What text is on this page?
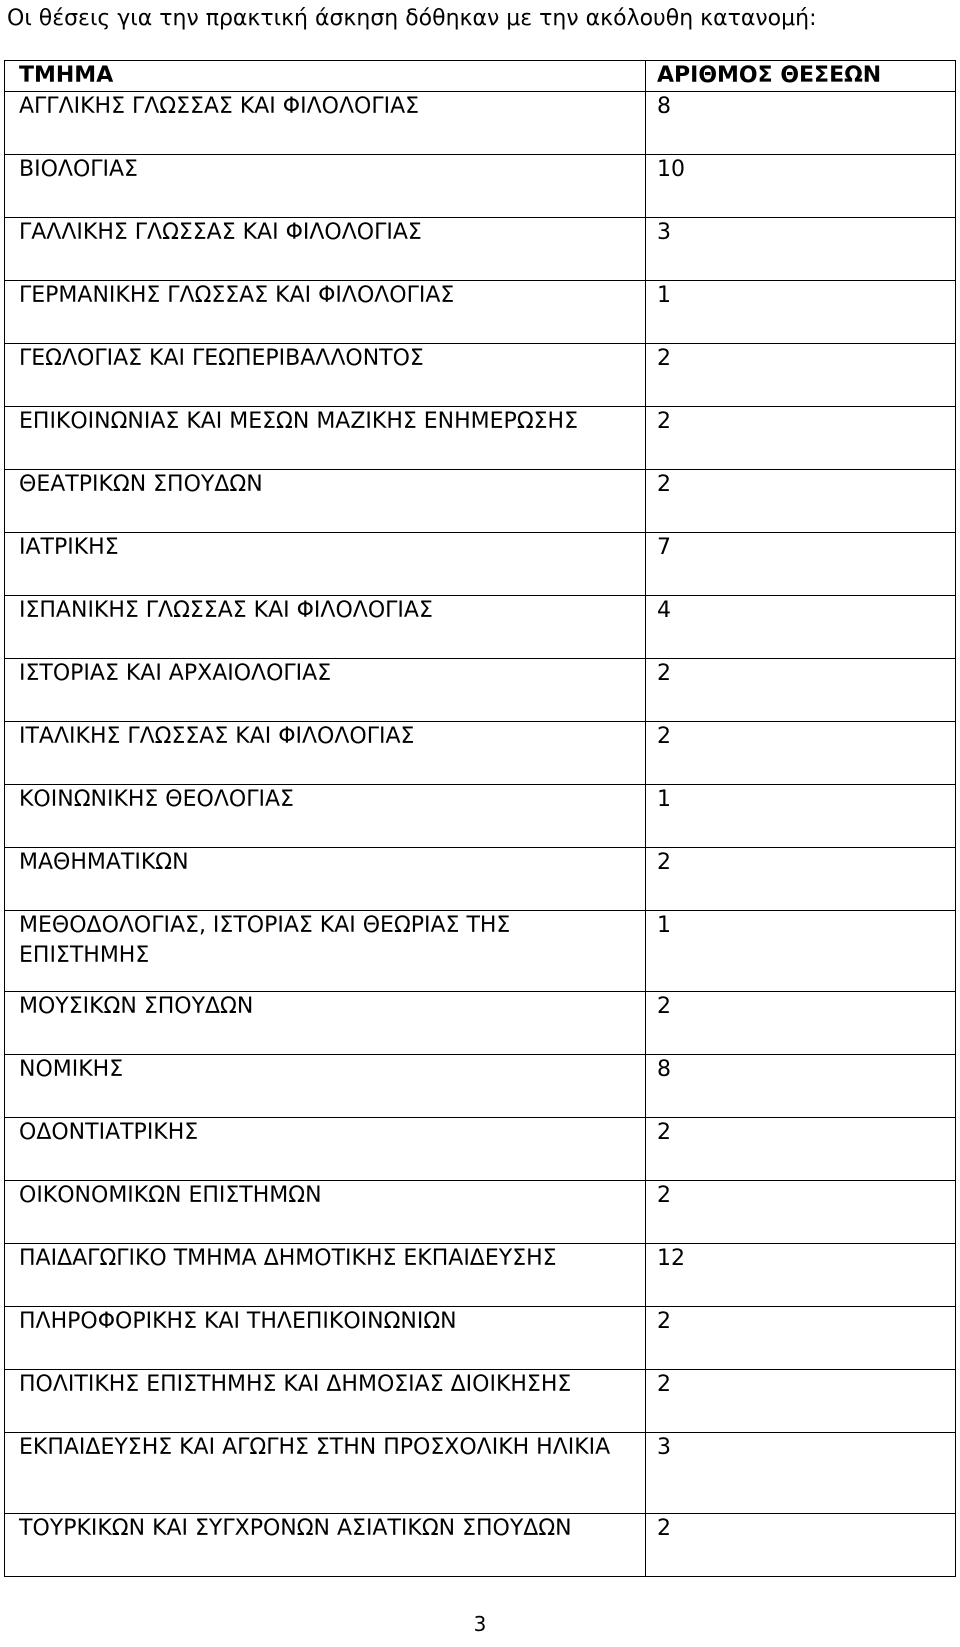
Οι θέσεις για την πρακτική άσκηση δόθηκαν με την ακόλουθη κατανομή:
ΤΜΗΜΑ	ΑΡΙΘΜΟΣ ΘΕΣΕΩΝ
ΑΓΓΛΙΚΗΣ ΓΛΩΣΣΑΣ ΚΑΙ ΦΙΛΟΛΟΓΙΑΣ	8
ΒΙΟΛΟΓΙΑΣ	10
ΓΑΛΛΙΚΗΣ ΓΛΩΣΣΑΣ ΚΑΙ ΦΙΛΟΛΟΓΙΑΣ	3
ΓΕΡΜΑΝΙΚΗΣ ΓΛΩΣΣΑΣ ΚΑΙ ΦΙΛΟΛΟΓΙΑΣ	1
ΓΕΩΛΟΓΙΑΣ ΚΑΙ ΓΕΩΠΕΡΙΒΑΛΛΟΝΤΟΣ	2
ΕΠΙΚΟΙΝΩΝΙΑΣ ΚΑΙ ΜΕΣΩΝ ΜΑΖΙΚΗΣ ΕΝΗΜΕΡΩΣΗΣ	2
ΘΕΑΤΡΙΚΩΝ ΣΠΟΥΔΩΝ	2
ΙΑΤΡΙΚΗΣ	7
ΙΣΠΑΝΙΚΗΣ ΓΛΩΣΣΑΣ ΚΑΙ ΦΙΛΟΛΟΓΙΑΣ	4
ΙΣΤΟΡΙΑΣ ΚΑΙ ΑΡΧΑΙΟΛΟΓΙΑΣ	2
ΙΤΑΛΙΚΗΣ ΓΛΩΣΣΑΣ ΚΑΙ ΦΙΛΟΛΟΓΙΑΣ	2
ΚΟΙΝΩΝΙΚΗΣ ΘΕΟΛΟΓΙΑΣ	1
ΜΑΘΗΜΑΤΙΚΩΝ	2
ΜΕΘΟΔΟΛΟΓΙΑΣ, ΙΣΤΟΡΙΑΣ ΚΑΙ ΘΕΩΡΙΑΣ ΤΗΣ ΕΠΙΣΤΗΜΗΣ	1
ΜΟΥΣΙΚΩΝ ΣΠΟΥΔΩΝ	2
ΝΟΜΙΚΗΣ	8
ΟΔΟΝΤΙΑΤΡΙΚΗΣ	2
ΟΙΚΟΝΟΜΙΚΩΝ ΕΠΙΣΤΗΜΩΝ	2
ΠΑΙΔΑΓΩΓΙΚΟ ΤΜΗΜΑ ΔΗΜΟΤΙΚΗΣ ΕΚΠΑΙΔΕΥΣΗΣ	12
ΠΛΗΡΟΦΟΡΙΚΗΣ ΚΑΙ ΤΗΛΕΠΙΚΟΙΝΩΝΙΩΝ	2
ΠΟΛΙΤΙΚΗΣ ΕΠΙΣΤΗΜΗΣ ΚΑΙ ΔΗΜΟΣΙΑΣ ΔΙΟΙΚΗΣΗΣ	2
ΕΚΠΑΙΔΕΥΣΗΣ ΚΑΙ ΑΓΩΓΗΣ ΣΤΗΝ ΠΡΟΣΧΟΛΙΚΗ ΗΛΙΚΙΑ	3
ΤΟΥΡΚΙΚΩΝ ΚΑΙ ΣΥΓΧΡΟΝΩΝ ΑΣΙΑΤΙΚΩΝ ΣΠΟΥΔΩΝ	2
3
